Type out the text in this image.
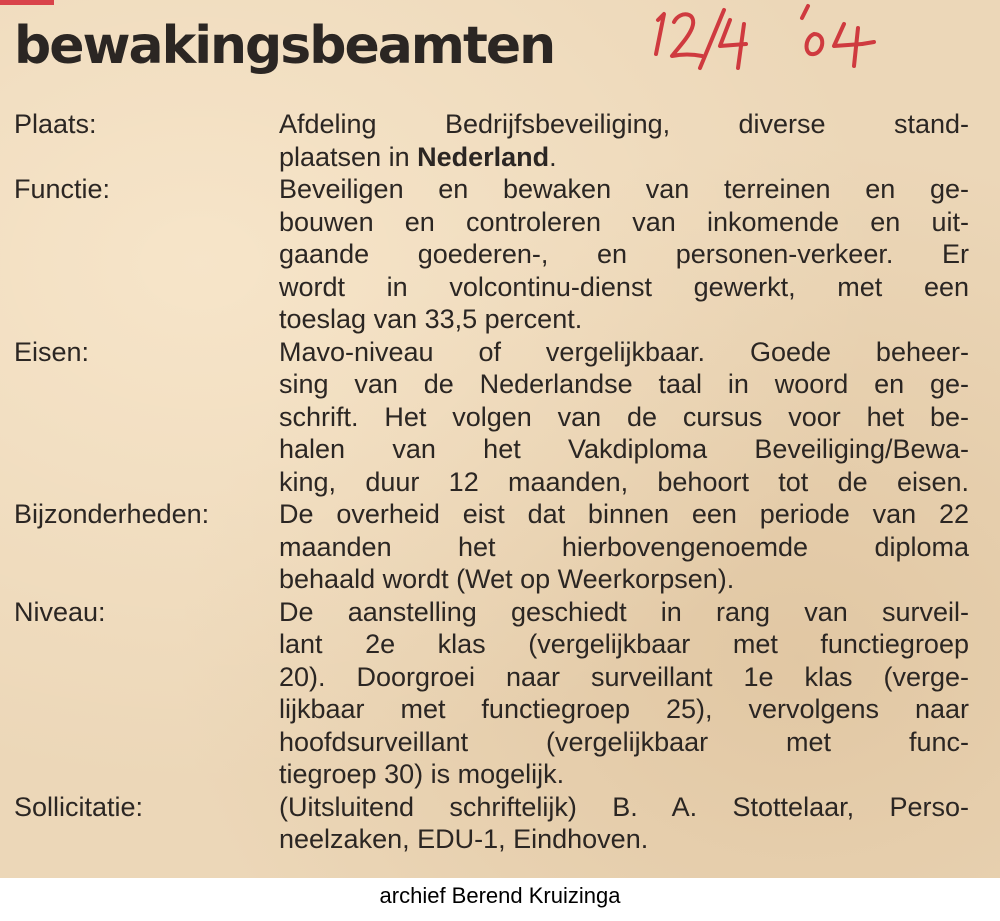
bewakingsbeamten
Plaats:	Afdeling Bedrijfsbeveiliging, diverse stand-
plaatsen in Nederland.
Functie:	Beveiligen en bewaken van terreinen en ge-
bouwen en controleren van inkomende en uit-
gaande goederen-, en personen-verkeer. Er
wordt in volcontinu-dienst gewerkt, met een
toeslag van 33,5 percent.
Eisen:	Mavo-niveau of vergelijkbaar. Goede beheer-
sing van de Nederlandse taal in woord en ge-
schrift. Het volgen van de cursus voor het be-
halen van het Vakdiploma Beveiliging/Bewa-
king, duur 12 maanden, behoort tot de eisen.
Bijzonderheden:	De overheid eist dat binnen een periode van 22
maanden het hierbovengenoemde diploma
behaald wordt (Wet op Weerkorpsen).
Niveau:	De aanstelling geschiedt in rang van surveil-
lant 2e klas (vergelijkbaar met functiegroep
20). Doorgroei naar surveillant 1e klas (verge-
lijkbaar met functiegroep 25), vervolgens naar
hoofdsurveillant (vergelijkbaar met func-
tiegroep 30) is mogelijk.
Sollicitatie:	(Uitsluitend schriftelijk) B. A. Stottelaar, Perso-
neelzaken, EDU-1, Eindhoven.
archief Berend Kruizinga
